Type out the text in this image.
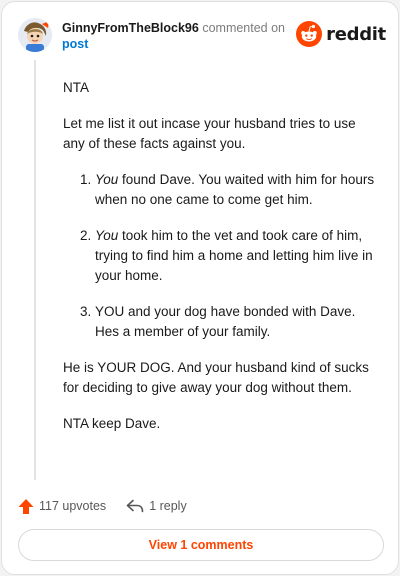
GinnyFromTheBlock96 commented on
post	reddit

NTA

Let me list it out incase your husband tries to use any of these facts against you.

1. You found Dave. You waited with him for hours when no one came to come get him.
2. You took him to the vet and took care of him, trying to find him a home and letting him live in your home.
3. YOU and your dog have bonded with Dave. Hes a member of your family.

He is YOUR DOG. And your husband kind of sucks for deciding to give away your dog without them.

NTA keep Dave.

117 upvotes	1 reply
View 1 comments
